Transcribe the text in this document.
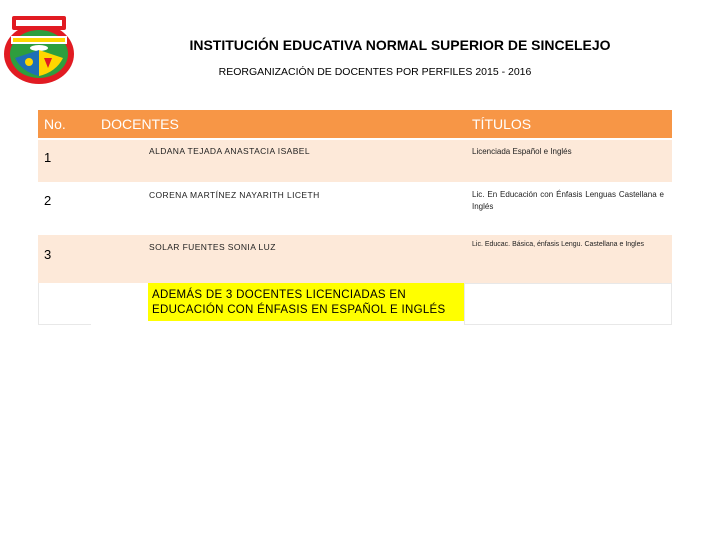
INSTITUCIÓN EDUCATIVA NORMAL SUPERIOR DE SINCELEJO
REORGANIZACIÓN DE DOCENTES POR PERFILES 2015 - 2016
No.	DOCENTES	TÍTULOS
1	ALDANA TEJADA ANASTACIA ISABEL	Licenciada Español e Inglés
2	CORENA MARTÍNEZ NAYARITH LICETH	Lic. En Educación con Énfasis Lenguas Castellana e Inglés
3	SOLAR FUENTES SONIA LUZ	Lic. Educac. Básica, énfasis Lengu. Castellana e Ingles

	ADEMÁS DE 3 DOCENTES LICENCIADAS EN EDUCACIÓN CON ÉNFASIS EN ESPAÑOL E INGLÉS	
